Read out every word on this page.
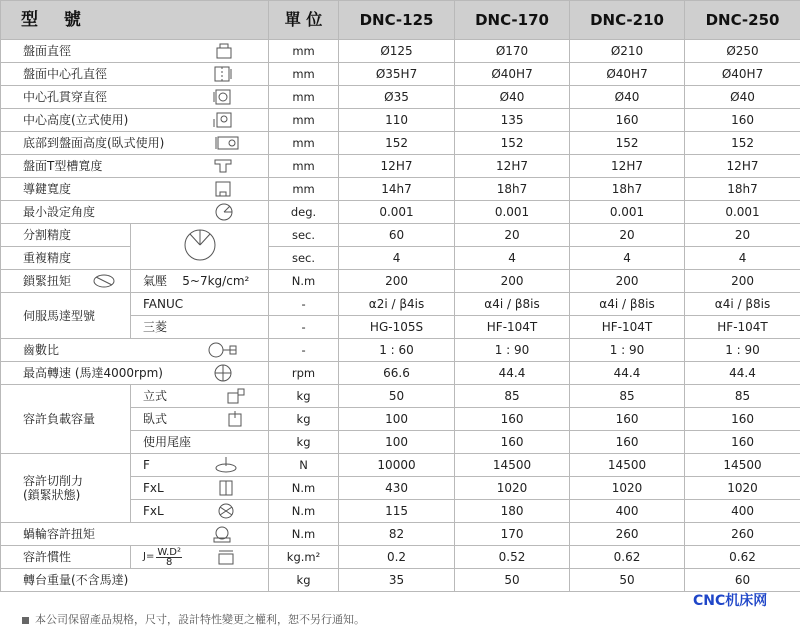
型 號		單 位	DNC-125	DNC-170	DNC-210	DNC-250
盤面直徑		mm	Ø125	Ø170	Ø210	Ø250
盤面中心孔直徑		mm	Ø35H7	Ø40H7	Ø40H7	Ø40H7
中心孔貫穿直徑		mm	Ø35	Ø40	Ø40	Ø40
中心高度(立式使用)		mm	110	135	160	160
底部到盤面高度(臥式使用)		mm	152	152	152	152
盤面T型槽寬度		mm	12H7	12H7	12H7	12H7
導鍵寬度		mm	14h7	18h7	18h7	18h7
最小設定角度		deg.	0.001	0.001	0.001	0.001
分割精度		sec.	60	20	20	20
重複精度		sec.	4	4	4	4
鎖緊扭矩	氣壓 5~7kg/cm²	N.m	200	200	200	200
伺服馬達型號	FANUC	-	α2i / β4is	α4i / β8is	α4i / β8is	α4i / β8is
	三菱	-	HG-105S	HF-104T	HF-104T	HF-104T
齒數比		-	1 : 60	1 : 90	1 : 90	1 : 90
最高轉速 (馬達4000rpm)		rpm	66.6	44.4	44.4	44.4
容許負載容量	立式	kg	50	85	85	85
	臥式	kg	100	160	160	160
	使用尾座	kg	100	160	160	160
容許切削力
(鎖緊狀態)	F	N	10000	14500	14500	14500
	FxL	N.m	430	1020	1020	1020
	FxL	N.m	115	180	400	400
蝸輪容許扭矩		N.m	82	170	260	260
容許慣性	$J= \frac{\text{W.D²}}{8}$	kg.m²	0.2	0.52	0.62	0.62
轉台重量(不含馬達)		kg	35	50	50	60
CNC机床网
本公司保留產品規格，尺寸，設計特性變更之權利，恕不另行通知。
